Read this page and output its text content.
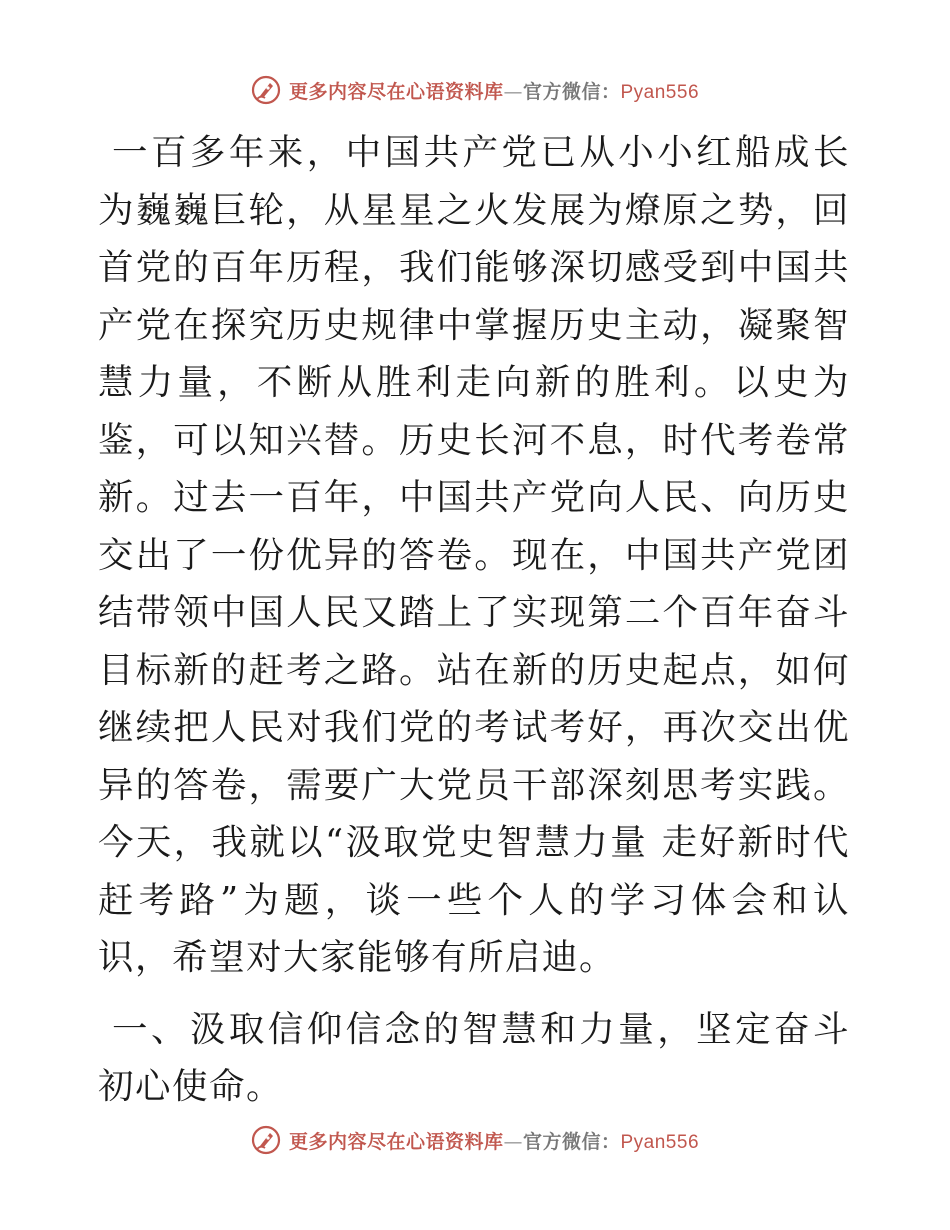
更多内容尽在心语资料库—官方微信：Pyan556

一百多年来，中国共产党已从小小红船成长为巍巍巨轮，从星星之火发展为燎原之势，回首党的百年历程，我们能够深切感受到中国共产党在探究历史规律中掌握历史主动，凝聚智慧力量，不断从胜利走向新的胜利。以史为鉴，可以知兴替。历史长河不息，时代考卷常新。过去一百年，中国共产党向人民、向历史交出了一份优异的答卷。现在，中国共产党团结带领中国人民又踏上了实现第二个百年奋斗目标新的赶考之路。站在新的历史起点，如何继续把人民对我们党的考试考好，再次交出优异的答卷，需要广大党员干部深刻思考实践。今天，我就以“汲取党史智慧力量 走好新时代赶考路”为题，谈一些个人的学习体会和认识，希望对大家能够有所启迪。

一、汲取信仰信念的智慧和力量，坚定奋斗初心使命。

更多内容尽在心语资料库—官方微信：Pyan556
